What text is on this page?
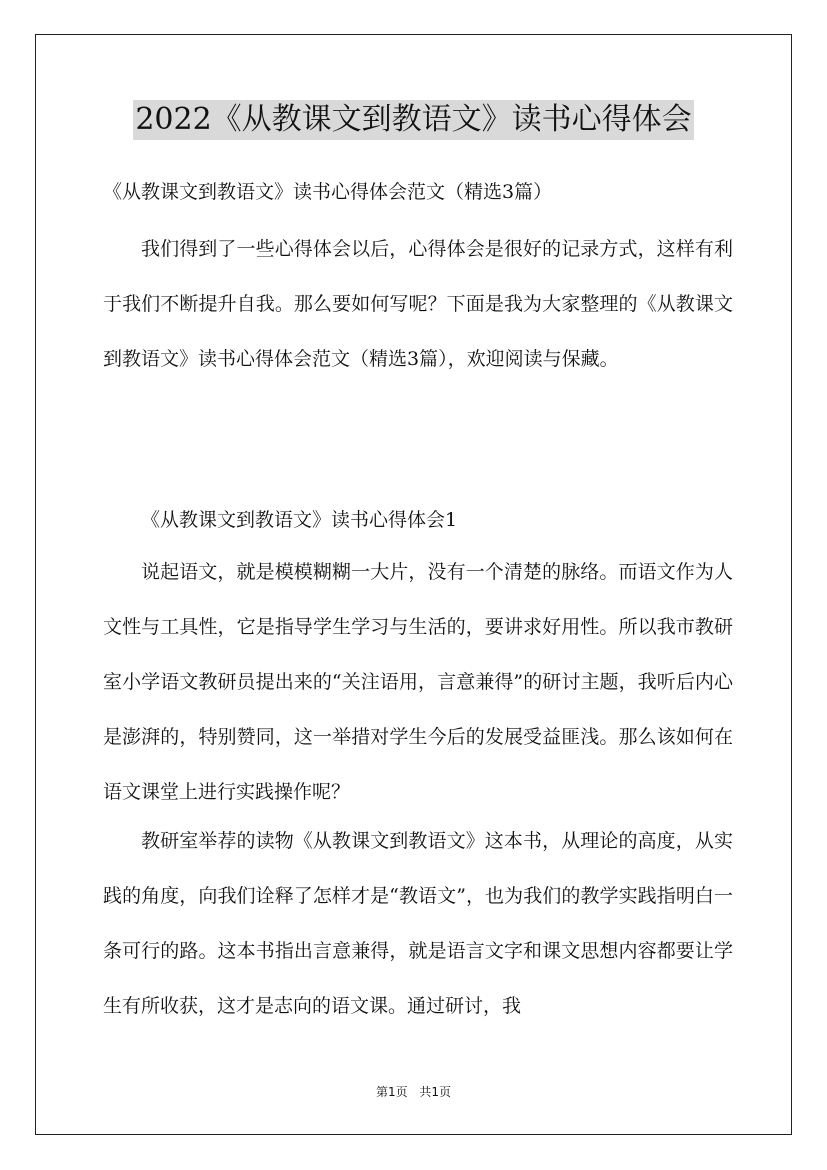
2022《从教课文到教语文》读书心得体会
《从教课文到教语文》读书心得体会范文（精选3篇）

我们得到了一些心得体会以后，心得体会是很好的记录方式，这样有利于我们不断提升自我。那么要如何写呢？下面是我为大家整理的《从教课文到教语文》读书心得体会范文（精选3篇），欢迎阅读与保藏。

《从教课文到教语文》读书心得体会1

说起语文，就是模模糊糊一大片，没有一个清楚的脉络。而语文作为人文性与工具性，它是指导学生学习与生活的，要讲求好用性。所以我市教研室小学语文教研员提出来的“关注语用，言意兼得”的研讨主题，我听后内心是澎湃的，特别赞同，这一举措对学生今后的发展受益匪浅。那么该如何在语文课堂上进行实践操作呢？

教研室举荐的读物《从教课文到教语文》这本书，从理论的高度，从实践的角度，向我们诠释了怎样才是“教语文”，也为我们的教学实践指明白一条可行的路。这本书指出言意兼得，就是语言文字和课文思想内容都要让学生有所收获，这才是志向的语文课。通过研讨，我

第1页 共1页
